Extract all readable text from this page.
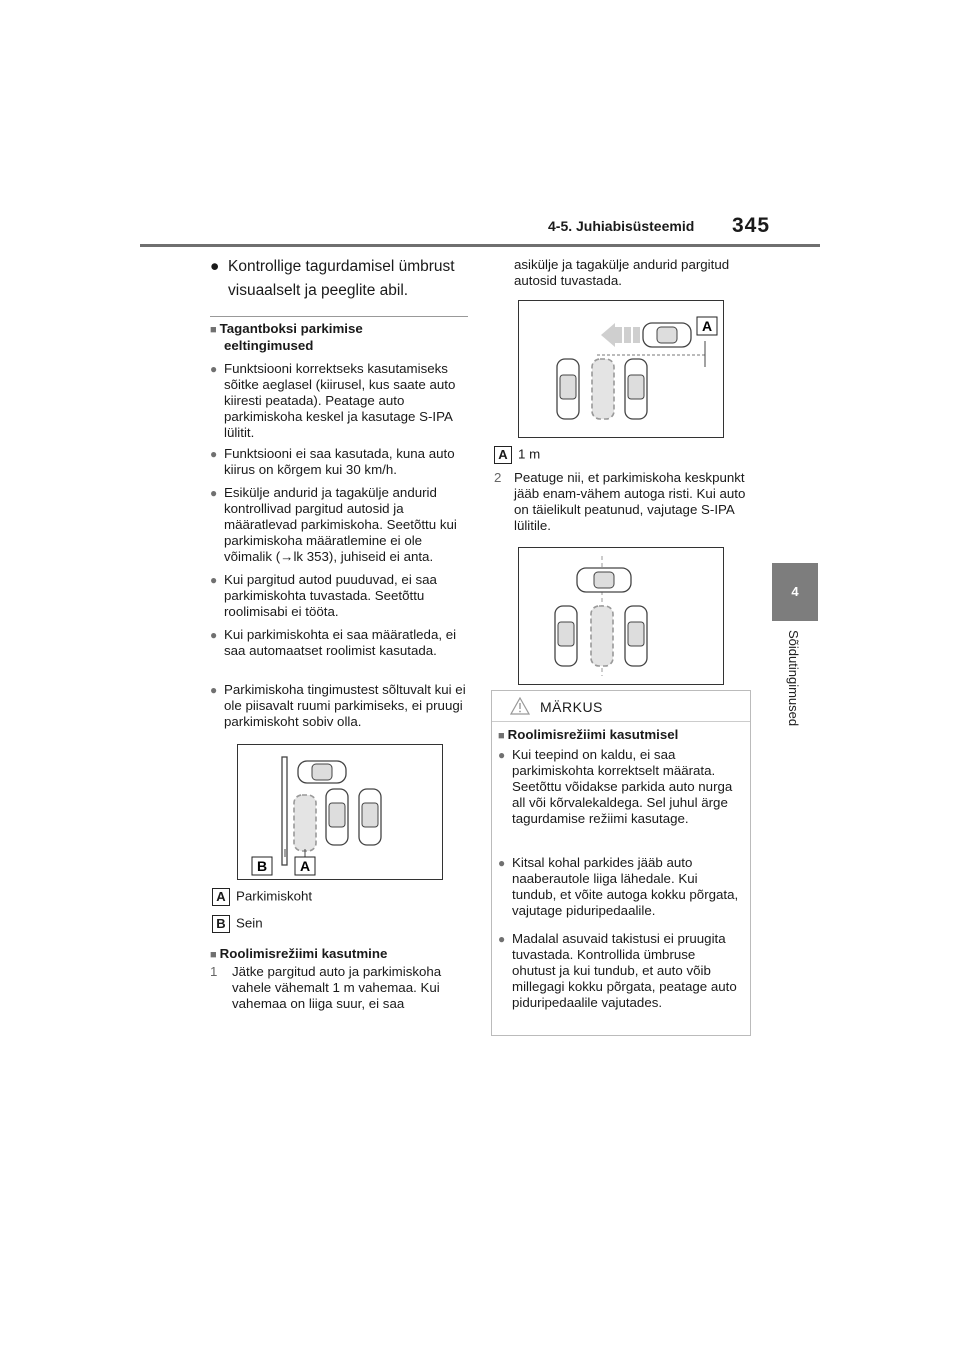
4-5. Juhiabisüsteemid 345
4
Sõidutingimused
● Kontrollige tagurdamisel ümbrust
visuaalselt ja peeglite abil.
■ Tagantboksi parkimise
eeltingimused
● Funktsiooni korrektseks kasutamiseks sõitke aeglasel (kiirusel, kus saate auto kiiresti peatada). Peatage auto parkimiskoha keskel ja kasutage S-IPA lülitit.
● Funktsiooni ei saa kasutada, kuna auto kiirus on kõrgem kui 30 km/h.
● Esikülje andurid ja tagakülje andurid kontrollivad pargitud autosid ja määratlevad parkimiskoha. Seetõttu kui parkimiskoha määratlemine ei ole võimalik (→lk 353), juhiseid ei anta.
● Kui pargitud autod puuduvad, ei saa parkimiskohta tuvastada. Seetõttu roolimisabi ei tööta.
● Kui parkimiskohta ei saa määratleda, ei saa automaatset roolimist kasutada.
● Parkimiskoha tingimustest sõltuvalt kui ei ole piisavalt ruumi parkimiseks, ei pruugi parkimiskoht sobiv olla.
B A
A Parkimiskoht
B Sein
■ Roolimisrežiimi kasutmine
1	Jätke pargitud auto ja parkimiskoha vahele vähemalt 1 m vahemaa. Kui vahemaa on liiga suur, ei saa
asikülje ja tagakülje andurid pargitud autosid tuvastada.
A
A 1 m
2 Peatuge nii, et parkimiskoha keskpunkt jääb enam-vähem autoga risti. Kui auto on täielikult peatunud, vajutage S-IPA lülitile.
MÄRKUS
■ Roolimisrežiimi kasutmisel
● Kui teepind on kaldu, ei saa parkimiskohta korrektselt määrata. Seetõttu võidakse parkida auto nurga all või kõrvalekaldega. Sel juhul ärge tagurdamise režiimi kasutage.
● Kitsal kohal parkides jääb auto naaberautole liiga lähedale. Kui tundub, et võite autoga kokku põrgata, vajutage piduripedaalile.
● Madalal asuvaid takistusi ei pruugita tuvastada. Kontrollida ümbruse ohutust ja kui tundub, et auto võib millegagi kokku põrgata, peatage auto piduripedaalile vajutades.
